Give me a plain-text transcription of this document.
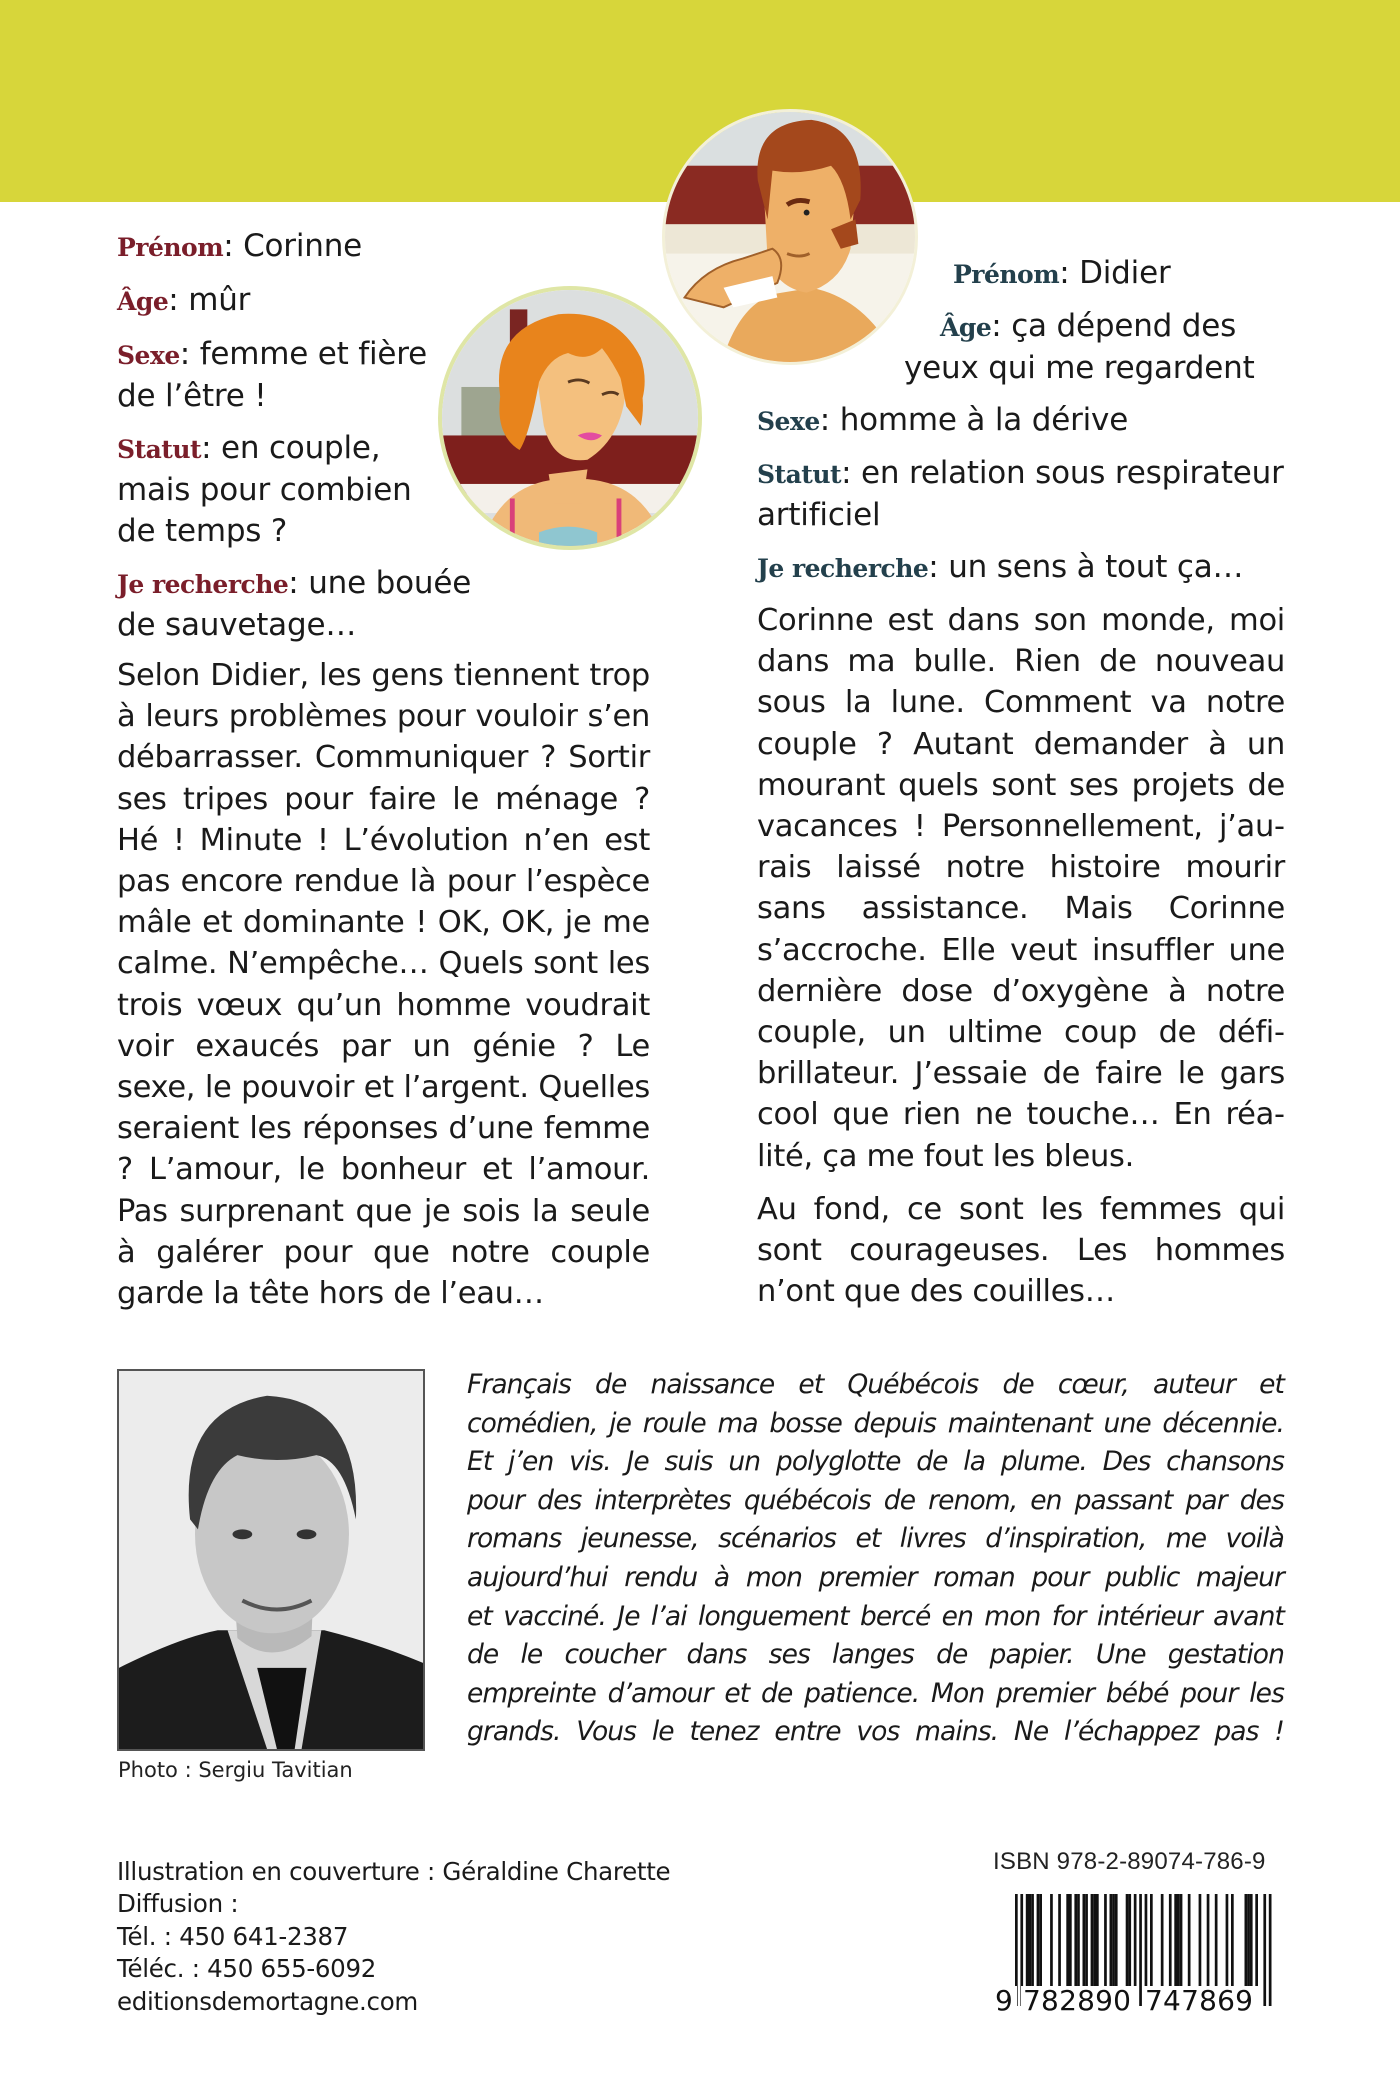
Prénom: Corinne
Âge: mûr
Sexe: femme et fière de l’être !
Statut: en couple, mais pour combien de temps ?
Je recherche: une bouée de sauvetage…

Selon Didier, les gens tiennent trop à leurs problèmes pour vouloir s’en débarrasser. Communiquer ? Sortir ses tripes pour faire le ménage ? Hé ! Minute ! L’évolution n’en est pas encore rendue là pour l’espèce mâle et dominante ! OK, OK, je me calme. N’empêche… Quels sont les trois vœux qu’un homme voudrait voir exaucés par un génie ? Le sexe, le pouvoir et l’argent. Quelles seraient les réponses d’une femme ? L’amour, le bonheur et l’amour. Pas surprenant que je sois la seule à galérer pour que notre couple garde la tête hors de l’eau…

Prénom: Didier
Âge: ça dépend des yeux qui me regardent
Sexe: homme à la dérive
Statut: en relation sous respirateur artificiel
Je recherche: un sens à tout ça…

Corinne est dans son monde, moi dans ma bulle. Rien de nouveau sous la lune. Comment va notre couple ? Autant demander à un mourant quels sont ses projets de vacances ! Personnellement, j’aurais laissé notre histoire mourir sans assistance. Mais Corinne s’accroche. Elle veut insuffler une dernière dose d’oxygène à notre couple, un ultime coup de défibrillateur. J’essaie de faire le gars cool que rien ne touche… En réalité, ça me fout les bleus.

Au fond, ce sont les femmes qui sont courageuses. Les hommes n’ont que des couilles…

Photo : Sergiu Tavitian
Français de naissance et Québécois de cœur, auteur et
comédien, je roule ma bosse depuis maintenant une décennie.
Et j’en vis. Je suis un polyglotte de la plume. Des chansons
pour des interprètes québécois de renom, en passant par des
romans jeunesse, scénarios et livres d’inspiration, me voilà
aujourd’hui rendu à mon premier roman pour public majeur
et vacciné. Je l’ai longuement bercé en mon for intérieur avant
de le coucher dans ses langes de papier. Une gestation
empreinte d’amour et de patience. Mon premier bébé pour les
grands. Vous le tenez entre vos mains. Ne l’échappez pas !
Illustration en couverture : Géraldine Charette
Diffusion :
Tél. : 450 641-2387
Téléc. : 450 655-6092
editionsdemortagne.com
ISBN 978-2-89074-786-9
9 782890 747869
